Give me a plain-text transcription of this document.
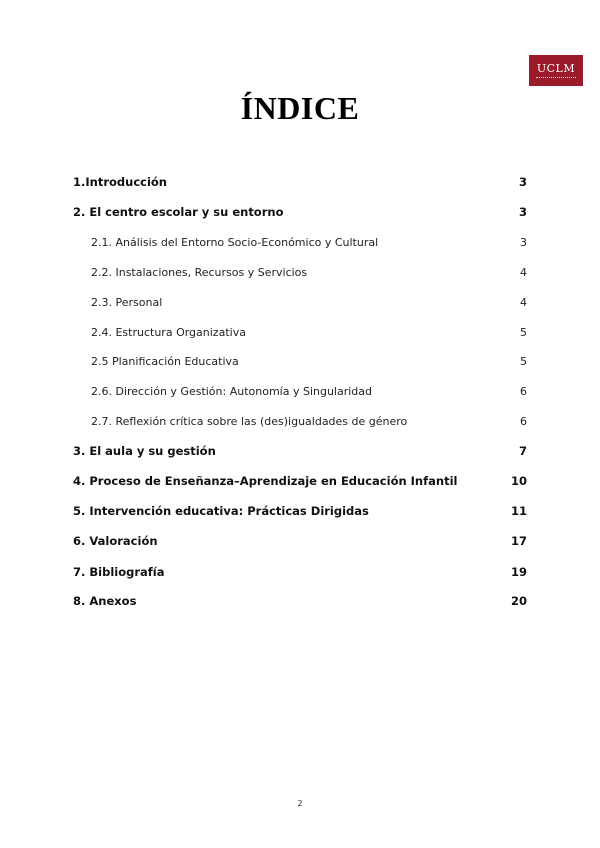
UCLM
ÍNDICE
1.Introducción	3
2. El centro escolar y su entorno	3
2.1. Análisis del Entorno Socio-Económico y Cultural	3
2.2. Instalaciones, Recursos y Servicios	4
2.3. Personal	4
2.4. Estructura Organizativa	5
2.5 Planificación Educativa	5
2.6. Dirección y Gestión: Autonomía y Singularidad	6
2.7. Reflexión crítica sobre las (des)igualdades de género	6
3. El aula y su gestión	7
4. Proceso de Enseñanza–Aprendizaje en Educación Infantil	10
5. Intervención educativa: Prácticas Dirigidas	11
6. Valoración	17
7. Bibliografía	19
8. Anexos	20
2
